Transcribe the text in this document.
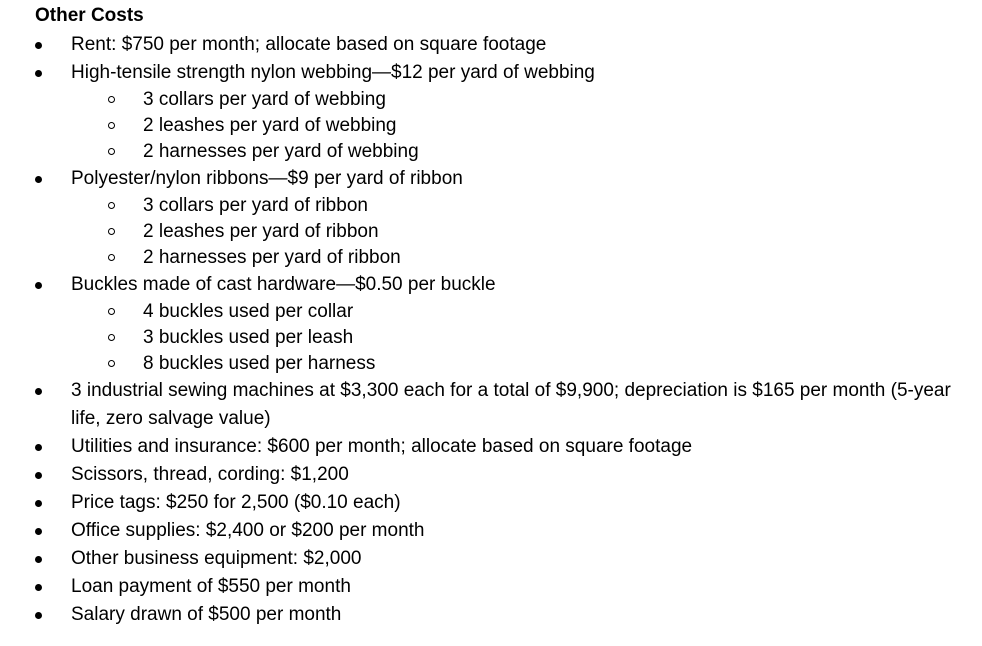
Other Costs
Rent: $750 per month; allocate based on square footage
High-tensile strength nylon webbing—$12 per yard of webbing
3 collars per yard of webbing
2 leashes per yard of webbing
2 harnesses per yard of webbing
Polyester/nylon ribbons—$9 per yard of ribbon
3 collars per yard of ribbon
2 leashes per yard of ribbon
2 harnesses per yard of ribbon
Buckles made of cast hardware—$0.50 per buckle
4 buckles used per collar
3 buckles used per leash
8 buckles used per harness
3 industrial sewing machines at $3,300 each for a total of $9,900; depreciation is $165 per month (5-year life, zero salvage value)
Utilities and insurance: $600 per month; allocate based on square footage
Scissors, thread, cording: $1,200
Price tags: $250 for 2,500 ($0.10 each)
Office supplies: $2,400 or $200 per month
Other business equipment: $2,000
Loan payment of $550 per month
Salary drawn of $500 per month
